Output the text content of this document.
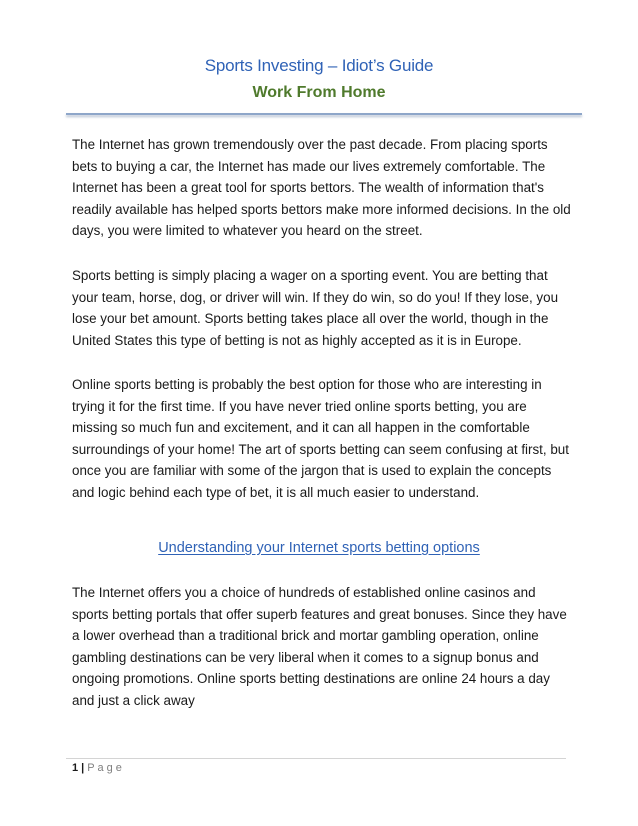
Sports Investing – Idiot’s Guide
Work From Home

The Internet has grown tremendously over the past decade. From placing sports bets to buying a car, the Internet has made our lives extremely comfortable. The Internet has been a great tool for sports bettors. The wealth of information that's readily available has helped sports bettors make more informed decisions. In the old days, you were limited to whatever you heard on the street.

Sports betting is simply placing a wager on a sporting event. You are betting that your team, horse, dog, or driver will win. If they do win, so do you! If they lose, you lose your bet amount. Sports betting takes place all over the world, though in the United States this type of betting is not as highly accepted as it is in Europe.

Online sports betting is probably the best option for those who are interesting in trying it for the first time. If you have never tried online sports betting, you are missing so much fun and excitement, and it can all happen in the comfortable surroundings of your home! The art of sports betting can seem confusing at first, but once you are familiar with some of the jargon that is used to explain the concepts and logic behind each type of bet, it is all much easier to understand.

Understanding your Internet sports betting options

The Internet offers you a choice of hundreds of established online casinos and sports betting portals that offer superb features and great bonuses. Since they have a lower overhead than a traditional brick and mortar gambling operation, online gambling destinations can be very liberal when it comes to a signup bonus and ongoing promotions. Online sports betting destinations are online 24 hours a day and just a click away

1 | Page
